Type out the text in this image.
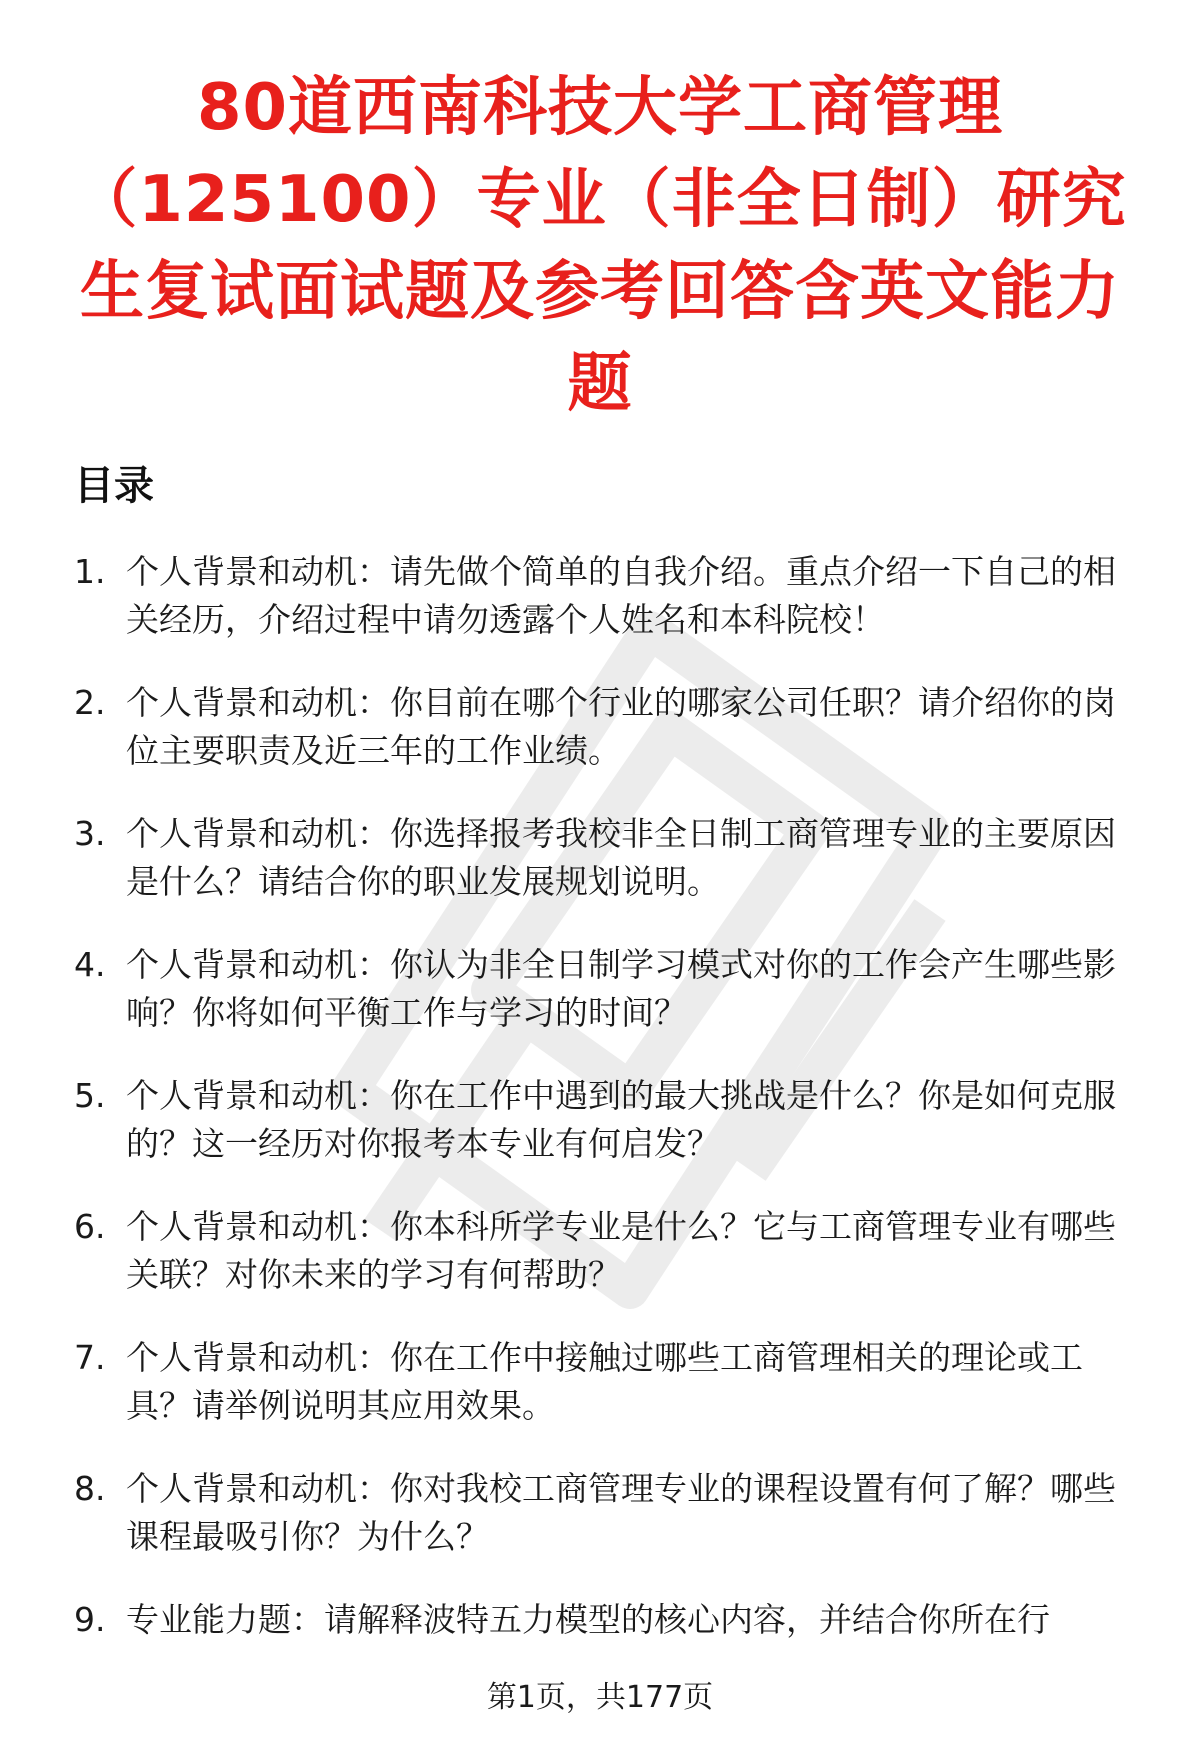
80道西南科技大学工商管理（125100）专业（非全日制）研究生复试面试题及参考回答含英文能力题
目录
1. 个人背景和动机：请先做个简单的自我介绍。重点介绍一下自己的相关经历，介绍过程中请勿透露个人姓名和本科院校！
2. 个人背景和动机：你目前在哪个行业的哪家公司任职？请介绍你的岗位主要职责及近三年的工作业绩。
3. 个人背景和动机：你选择报考我校非全日制工商管理专业的主要原因是什么？请结合你的职业发展规划说明。
4. 个人背景和动机：你认为非全日制学习模式对你的工作会产生哪些影响？你将如何平衡工作与学习的时间？
5. 个人背景和动机：你在工作中遇到的最大挑战是什么？你是如何克服的？这一经历对你报考本专业有何启发？
6. 个人背景和动机：你本科所学专业是什么？它与工商管理专业有哪些关联？对你未来的学习有何帮助？
7. 个人背景和动机：你在工作中接触过哪些工商管理相关的理论或工具？请举例说明其应用效果。
8. 个人背景和动机：你对我校工商管理专业的课程设置有何了解？哪些课程最吸引你？为什么？
9. 专业能力题：请解释波特五力模型的核心内容，并结合你所在行
第1页，共177页
